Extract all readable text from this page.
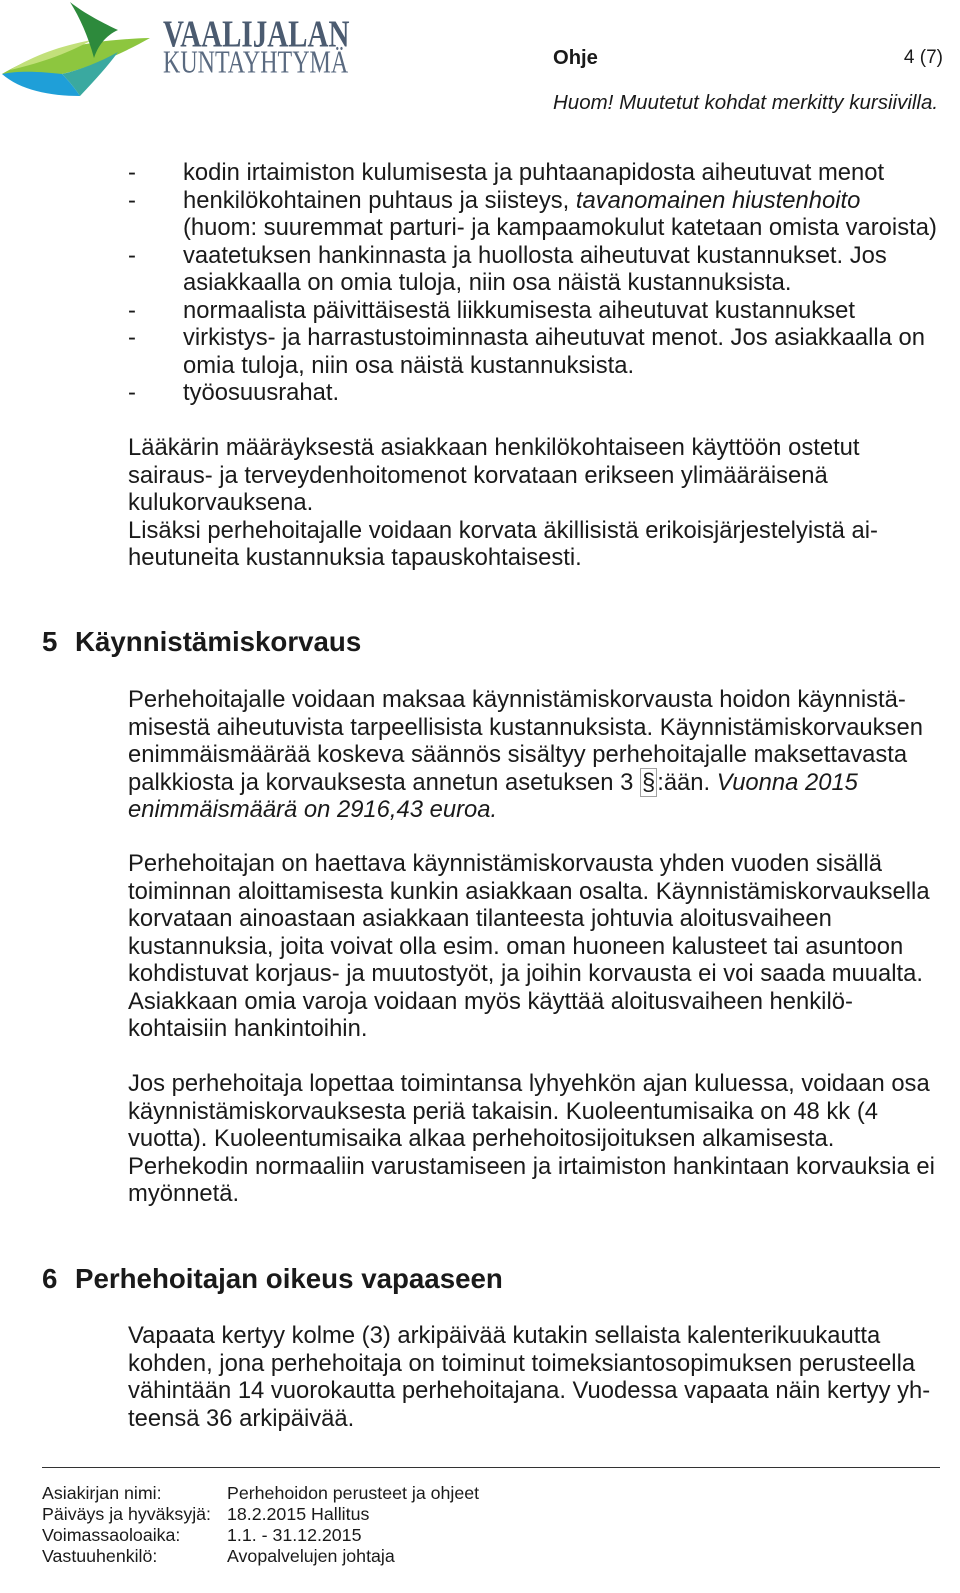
VAALIJALAN
KUNTAYHTYMÄ	Ohje	4 (7)
Huom! Muutetut kohdat merkitty kursiivilla.
- kodin irtaimiston kulumisesta ja puhtaanapidosta aiheutuvat menot
- henkilökohtainen puhtaus ja siisteys, tavanomainen hiustenhoito
(huom: suuremmat parturi- ja kampaamokulut katetaan omista varoista)
- vaatetuksen hankinnasta ja huollosta aiheutuvat kustannukset. Jos
asiakkaalla on omia tuloja, niin osa näistä kustannuksista.
- normaalista päivittäisestä liikkumisesta aiheutuvat kustannukset
- virkistys- ja harrastustoiminnasta aiheutuvat menot. Jos asiakkaalla on
omia tuloja, niin osa näistä kustannuksista.
- työosuusrahat.
Lääkärin määräyksestä asiakkaan henkilökohtaiseen käyttöön ostetut
sairaus- ja terveydenhoitomenot korvataan erikseen ylimääräisenä
kulukorvauksena.
Lisäksi perhehoitajalle voidaan korvata äkillisistä erikoisjärjestelyistä ai-
heutuneita kustannuksia tapauskohtaisesti.
5 Käynnistämiskorvaus
Perhehoitajalle voidaan maksaa käynnistämiskorvausta hoidon käynnistä-
misestä aiheutuvista tarpeellisista kustannuksista. Käynnistämiskorvauksen
enimmäismäärää koskeva säännös sisältyy perhehoitajalle maksettavasta
palkkiosta ja korvauksesta annetun asetuksen 3 §:ään. Vuonna 2015
enimmäismäärä on 2916,43 euroa.
Perhehoitajan on haettava käynnistämiskorvausta yhden vuoden sisällä
toiminnan aloittamisesta kunkin asiakkaan osalta. Käynnistämiskorvauksella
korvataan ainoastaan asiakkaan tilanteesta johtuvia aloitusvaiheen
kustannuksia, joita voivat olla esim. oman huoneen kalusteet tai asuntoon
kohdistuvat korjaus- ja muutostyöt, ja joihin korvausta ei voi saada muualta.
Asiakkaan omia varoja voidaan myös käyttää aloitusvaiheen henkilö-
kohtaisiin hankintoihin.
Jos perhehoitaja lopettaa toimintansa lyhyehkön ajan kuluessa, voidaan osa
käynnistämiskorvauksesta periä takaisin. Kuoleentumisaika on 48 kk (4
vuotta). Kuoleentumisaika alkaa perhehoitosijoituksen alkamisesta.
Perhekodin normaaliin varustamiseen ja irtaimiston hankintaan korvauksia ei
myönnetä.
6 Perhehoitajan oikeus vapaaseen
Vapaata kertyy kolme (3) arkipäivää kutakin sellaista kalenterikuukautta
kohden, jona perhehoitaja on toiminut toimeksiantosopimuksen perusteella
vähintään 14 vuorokautta perhehoitajana. Vuodessa vapaata näin kertyy yh-
teensä 36 arkipäivää.
Asiakirjan nimi:	Perhehoidon perusteet ja ohjeet
Päiväys ja hyväksyjä: 18.2.2015 Hallitus
Voimassaoloaika:	1.1. - 31.12.2015
Vastuuhenkilö:	Avopalvelujen johtaja
